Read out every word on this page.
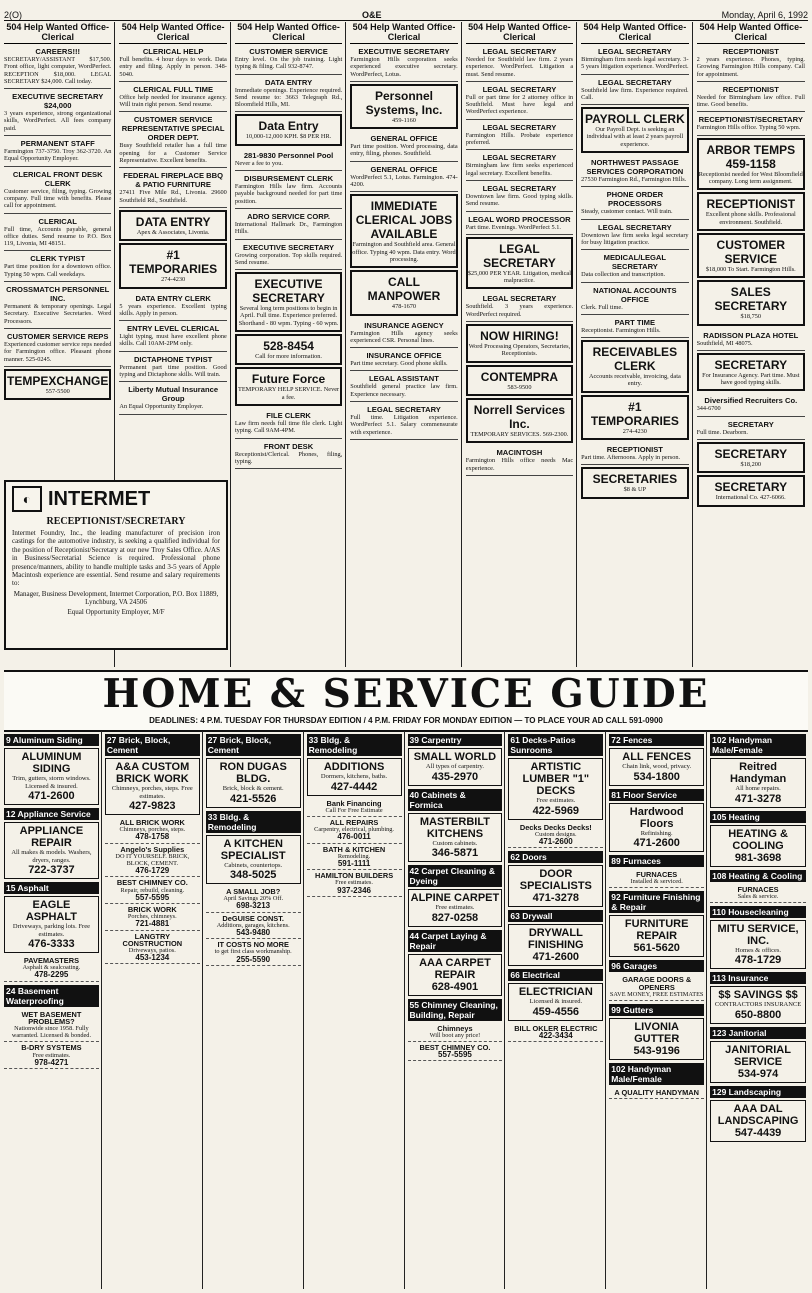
2(O)	O&E	Monday, April 6, 1992
504 Help Wanted Office-Clerical
CAREERS!!!
SECRETARY/ASSISTANT $17,500. Front office, light computer, WordPerfect. RECEPTION $18,000. LEGAL SECRETARY $24,000. Call today.
EXECUTIVE SECRETARY $24,000
3 years experience, strong organizational skills, WordPerfect. All fees company paid.
PERMANENT STAFF
Farmington 737-3750. Troy 362-3720. An Equal Opportunity Employer.
CLERICAL FRONT DESK CLERK
Customer service, filing, typing. Growing company. Full time with benefits. Please call for appointment.
CLERICAL
Full time, Accounts payable, general office duties. Send resume to P.O. Box 119, Livonia, MI 48151.
CLERK TYPIST
Part time position for a downtown office. Typing 50 wpm. Call weekdays.
CROSSMATCH PERSONNEL INC.
Permanent & temporary openings. Legal Secretary. Executive Secretaries. Word Processors.
CUSTOMER SERVICE REPS
Experienced customer service reps needed for Farmington office. Pleasant phone manner. 525-0245.
TEMPEXCHANGE
557-5500
504 Help Wanted Office-Clerical
CLERICAL HELP
Full benefits. 4 hour days to work. Data entry and filing. Apply in person. 348-5040.
CLERICAL FULL TIME
Office help needed for insurance agency. Will train right person. Send resume.
CUSTOMER SERVICE REPRESENTATIVE SPECIAL ORDER DEPT.
Busy Southfield retailer has a full time opening for a Customer Service Representative. Excellent benefits.
FEDERAL FIREPLACE BBQ & PATIO FURNITURE
27411 Five Mile Rd., Livonia. 29600 Southfield Rd., Southfield.
DATA ENTRY
Apex & Associates, Livonia.
#1 TEMPORARIES
274-4230
DATA ENTRY CLERK
5 years experience. Excellent typing skills. Apply in person.
ENTRY LEVEL CLERICAL
Light typing, must have excellent phone skills. Call 10AM-2PM only.
DICTAPHONE TYPIST
Permanent part time position. Good typing and Dictaphone skills. Will train.
Liberty Mutual Insurance Group
An Equal Opportunity Employer.
504 Help Wanted Office-Clerical
CUSTOMER SERVICE
Entry level. On the job training. Light typing & filing. Call 932-8747.
DATA ENTRY
Immediate openings. Experience required. Send resume to: 3663 Telegraph Rd., Bloomfield Hills, MI.
Data Entry
10,000-12,000 KPH. $8 PER HR.
281-9830 Personnel Pool
Never a fee to you.
DISBURSEMENT CLERK
Farmington Hills law firm. Accounts payable background needed for part time position.
ADRO SERVICE CORP.
International Hallmark Dr., Farmington Hills.
EXECUTIVE SECRETARY
Growing corporation. Top skills required. Send resume.
EXECUTIVE SECRETARY
Several long term positions to begin in April. Full time. Experience preferred. Shorthand - 80 wpm. Typing - 60 wpm.
528-8454
Call for more information.
Future Force
TEMPORARY HELP SERVICE. Never a fee.
FILE CLERK
Law firm needs full time file clerk. Light typing. Call 9AM-4PM.
FRONT DESK
Receptionist/Clerical. Phones, filing, typing.
504 Help Wanted Office-Clerical
EXECUTIVE SECRETARY
Farmington Hills corporation seeks experienced executive secretary. WordPerfect, Lotus.
Personnel Systems, Inc.
459-1160
GENERAL OFFICE
Part time position. Word processing, data entry, filing, phones. Southfield.
GENERAL OFFICE
WordPerfect 5.1, Lotus. Farmington. 474-4200.
IMMEDIATE CLERICAL JOBS AVAILABLE
Farmington and Southfield area. General office. Typing 40 wpm. Data entry. Word processing.
CALL MANPOWER
478-1670
INSURANCE AGENCY
Farmington Hills agency seeks experienced CSR. Personal lines.
INSURANCE OFFICE
Part time secretary. Good phone skills.
LEGAL ASSISTANT
Southfield general practice law firm. Experience necessary.
LEGAL SECRETARY
Full time. Litigation experience. WordPerfect 5.1. Salary commensurate with experience.
504 Help Wanted Office-Clerical
LEGAL SECRETARY
Needed for Southfield law firm. 2 years experience. WordPerfect. Litigation a must. Send resume.
LEGAL SECRETARY
Full or part time for 2 attorney office in Southfield. Must have legal and WordPerfect experience.
LEGAL SECRETARY
Farmington Hills. Probate experience preferred.
LEGAL SECRETARY
Birmingham law firm seeks experienced legal secretary. Excellent benefits.
LEGAL SECRETARY
Downtown law firm. Good typing skills. Send resume.
LEGAL WORD PROCESSOR
Part time. Evenings. WordPerfect 5.1.
LEGAL SECRETARY
$25,000 PER YEAR. Litigation, medical malpractice.
LEGAL SECRETARY
Southfield. 3 years experience. WordPerfect required.
NOW HIRING!
Word Processing Operators, Secretaries, Receptionists.
CONTEMPRA
583-9500
Norrell Services Inc.
TEMPORARY SERVICES. 569-2300.
MACINTOSH
Farmington Hills office needs Mac experience.
504 Help Wanted Office-Clerical
LEGAL SECRETARY
Birmingham firm needs legal secretary. 3-5 years litigation experience. WordPerfect.
LEGAL SECRETARY
Southfield law firm. Experience required. Call.
PAYROLL CLERK
Our Payroll Dept. is seeking an individual with at least 2 years payroll experience.
NORTHWEST PASSAGE SERVICES CORPORATION
27530 Farmington Rd., Farmington Hills.
PHONE ORDER PROCESSORS
Steady, customer contact. Will train.
LEGAL SECRETARY
Downtown law firm seeks legal secretary for busy litigation practice.
MEDICAL/LEGAL SECRETARY
Data collection and transcription.
NATIONAL ACCOUNTS OFFICE
Clerk. Full time.
PART TIME
Receptionist. Farmington Hills.
RECEIVABLES CLERK
Accounts receivable, invoicing, data entry.
#1 TEMPORARIES
274-4230
RECEPTIONIST
Part time. Afternoons. Apply in person.
SECRETARIES
$8 & UP
504 Help Wanted Office-Clerical
RECEPTIONIST
2 years experience. Phones, typing. Growing Farmington Hills company. Call for appointment.
RECEPTIONIST
Needed for Birmingham law office. Full time. Good benefits.
RECEPTIONIST/SECRETARY
Farmington Hills office. Typing 50 wpm.
ARBOR TEMPS 459-1158
Receptionist needed for West Bloomfield company. Long term assignment.
RECEPTIONIST
Excellent phone skills. Professional environment. Southfield.
CUSTOMER SERVICE
$18,000 To Start. Farmington Hills.
SALES SECRETARY
$18,750
RADISSON PLAZA HOTEL
Southfield, MI 48075.
SECRETARY
For Insurance Agency. Part time. Must have good typing skills.
Diversified Recruiters Co.
344-6700
SECRETARY
Full time. Dearborn.
SECRETARY
$18,200
SECRETARY
International Co. 427-6066.
◐ INTERMET
RECEPTIONIST/SECRETARY
Intermet Foundry, Inc., the leading manufacturer of precision iron castings for the automotive industry, is seeking a qualified individual for the position of Receptionist/Secretary at our new Troy Sales Office. A/AS in Business/Secretarial Science is required. Professional phone presence/manners, ability to handle multiple tasks and 3-5 years of Apple Macintosh experience are essential. Send resume and salary requirements to:
Manager, Business Development, Intermet Corporation, P.O. Box 11889, Lynchburg, VA 24506
Equal Opportunity Employer, M/F
HOME & SERVICE GUIDE
DEADLINES: 4 P.M. TUESDAY FOR THURSDAY EDITION / 4 P.M. FRIDAY FOR MONDAY EDITION — TO PLACE YOUR AD CALL 591-0900
9 Aluminum Siding
ALUMINUM SIDING
Trim, gutters, storm windows. Licensed & insured.
471-2600
12 Appliance Service
APPLIANCE REPAIR
All makes & models. Washers, dryers, ranges.
722-3737
15 Asphalt
EAGLE ASPHALT
Driveways, parking lots. Free estimates.
476-3333
PAVEMASTERS
Asphalt & sealcoating.
478-2295
24 Basement Waterproofing
WET BASEMENT PROBLEMS?
Nationwide since 1958. Fully warranted. Licensed & bonded.
B-DRY SYSTEMS
Free estimates.
978-4271
27 Brick, Block, Cement
A&A CUSTOM BRICK WORK
Chimneys, porches, steps. Free estimates.
427-9823
ALL BRICK WORK
Chimneys, porches, steps.
478-1758
Angelo's Supplies
DO IT YOURSELF. BRICK, BLOCK, CEMENT.
476-1729
BEST CHIMNEY CO.
Repair, rebuild, cleaning.
557-5595
BRICK WORK
Porches, chimneys.
721-4881
LANGTRY CONSTRUCTION
Driveways, patios.
453-1234
27 Brick, Block, Cement
RON DUGAS BLDG.
Brick, block & cement.
421-5526
33 Bldg. & Remodeling
A KITCHEN SPECIALIST
Cabinets, countertops.
348-5025
A SMALL JOB?
April Savings 20% Off.
698-3213
DeGUISE CONST.
Additions, garages, kitchens.
543-9480
IT COSTS NO MORE
to get first class workmanship.
255-5590
33 Bldg. & Remodeling
ADDITIONS
Dormers, kitchens, baths.
427-4442
Bank Financing
Call For Free Estimate
ALL REPAIRS
Carpentry, electrical, plumbing.
476-0011
BATH & KITCHEN
Remodeling.
591-1111
HAMILTON BUILDERS
Free estimates.
937-2346
39 Carpentry
SMALL WORLD
All types of carpentry.
435-2970
40 Cabinets & Formica
MASTERBILT KITCHENS
Custom cabinets.
346-5871
42 Carpet Cleaning & Dyeing
ALPINE CARPET
Free estimates.
827-0258
44 Carpet Laying & Repair
AAA CARPET REPAIR
628-4901
55 Chimney Cleaning, Building, Repair
Chimneys
Will boot any price!
BEST CHIMNEY CO.
557-5595
61 Decks-Patios Sunrooms
ARTISTIC LUMBER "1" DECKS
Free estimates.
422-5969
Decks Decks Decks!
Custom designs.
471-2600
62 Doors
DOOR SPECIALISTS
471-3278
63 Drywall
DRYWALL FINISHING
471-2600
66 Electrical
ELECTRICIAN
Licensed & insured.
459-4556
BILL OKLER ELECTRIC
422-3434
72 Fences
ALL FENCES
Chain link, wood, privacy.
534-1800
81 Floor Service
Hardwood Floors
Refinishing.
471-2600
89 Furnaces
FURNACES
Installed & serviced.
92 Furniture Finishing & Repair
FURNITURE REPAIR
561-5620
96 Garages
GARAGE DOORS & OPENERS
SAVE MONEY, FREE ESTIMATES
99 Gutters
LIVONIA GUTTER
543-9196
102 Handyman Male/Female
A QUALITY HANDYMAN
102 Handyman Male/Female
Reitred Handyman
All home repairs.
471-3278
105 Heating
HEATING & COOLING
981-3698
108 Heating & Cooling
FURNACES
Sales & service.
110 Housecleaning
MITU SERVICE, INC.
Homes & offices.
478-1729
113 Insurance
$$ SAVINGS $$
CONTRACTORS INSURANCE
650-8800
123 Janitorial
JANITORIAL SERVICE
534-974
129 Landscaping
AAA DAL LANDSCAPING
547-4439
